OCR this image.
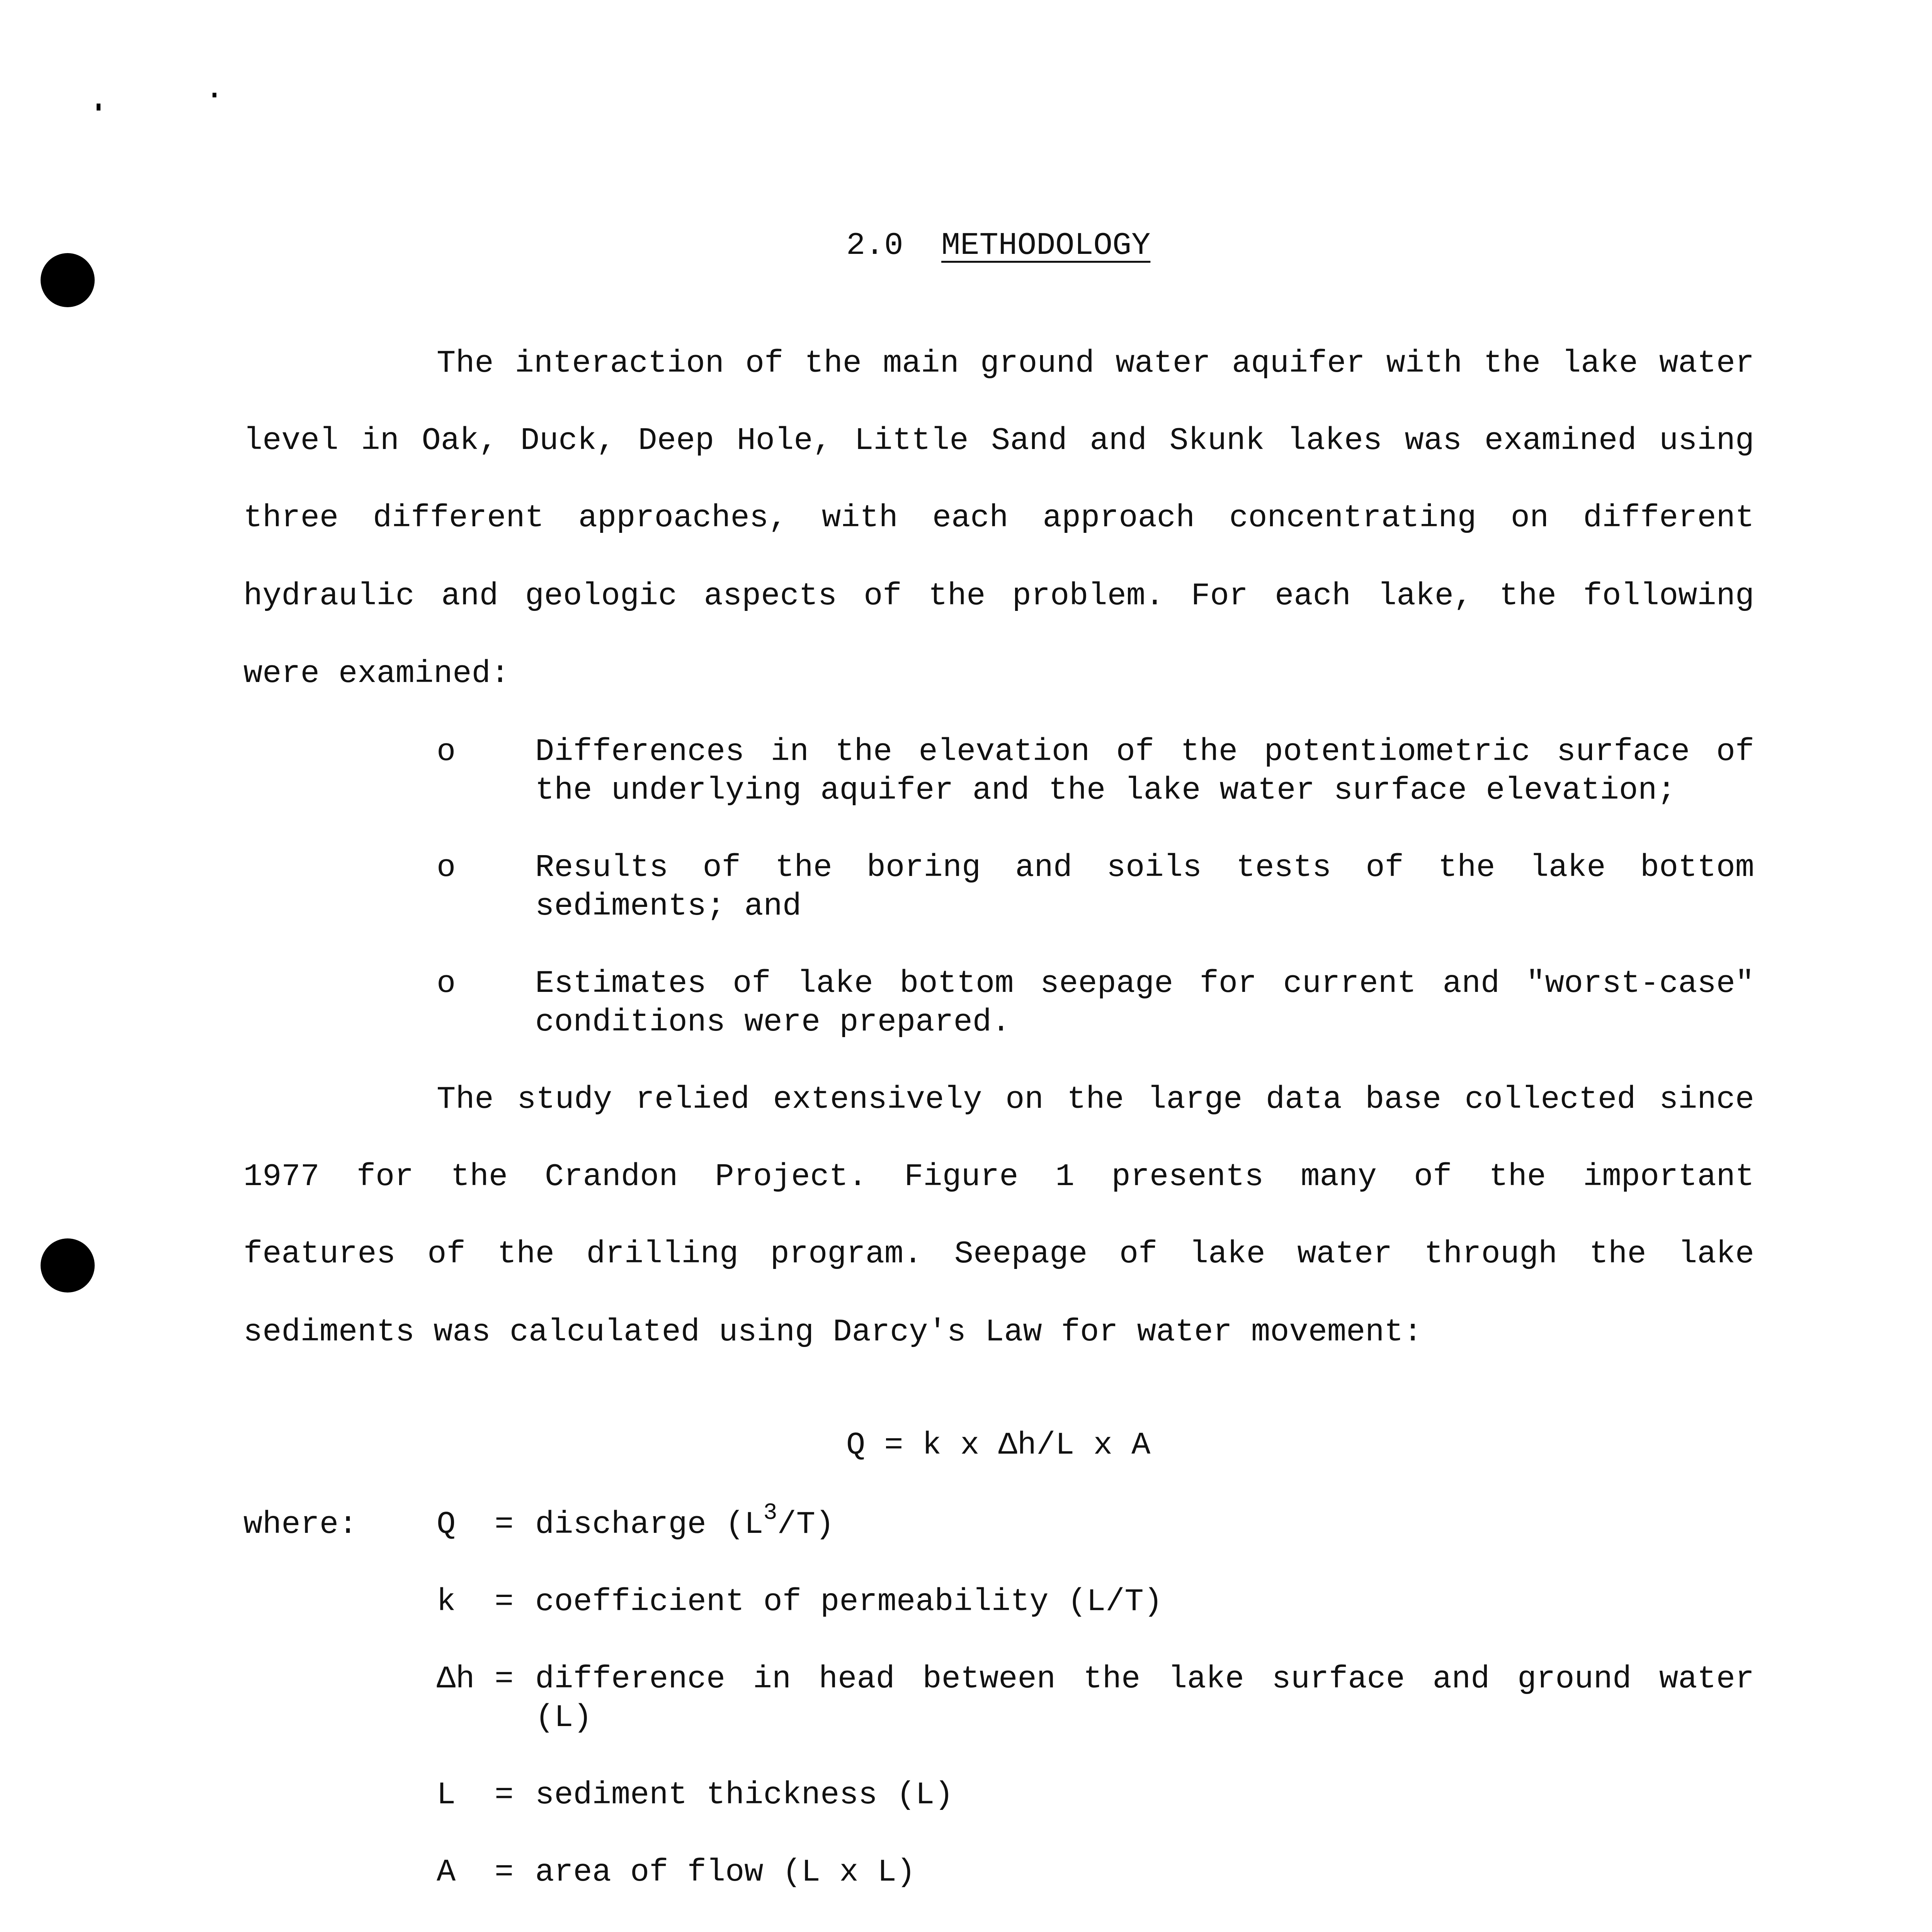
2.0 METHODOLOGY
The interaction of the main ground water aquifer with the lake water
level in Oak, Duck, Deep Hole, Little Sand and Skunk lakes was examined using
three different approaches, with each approach concentrating on different
hydraulic and geologic aspects of the problem. For each lake, the following
were examined:
o	Differences in the elevation of the potentiometric surface of
the underlying aquifer and the lake water surface elevation;
o	Results of the boring and soils tests of the lake bottom
sediments; and
o	Estimates of lake bottom seepage for current and "worst-case"
conditions were prepared.
The study relied extensively on the large data base collected since
1977 for the Crandon Project. Figure 1 presents many of the important
features of the drilling program. Seepage of lake water through the lake
sediments was calculated using Darcy's Law for water movement:
Q = k x Δh/L x A
where: Q = discharge $(L^3/T)$
k = coefficient of permeability (L/T)
Δh = difference in head between the lake surface and ground water
(L)
L = sediment thickness (L)
A = area of flow (L x L)
